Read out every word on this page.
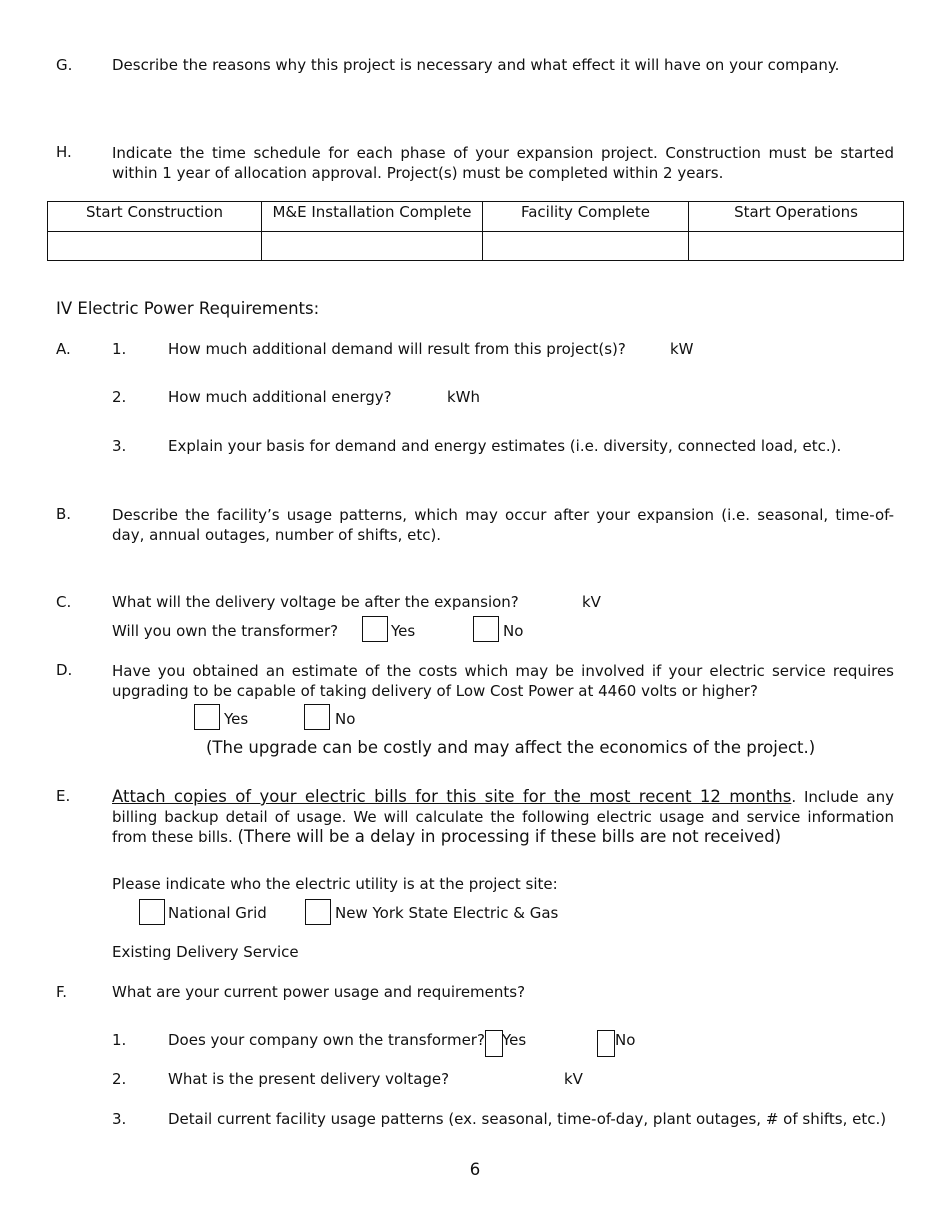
G.	Describe the reasons why this project is necessary and what effect it will have on your company.
H.	Indicate the time schedule for each phase of your expansion project. Construction must be started within 1 year of allocation approval. Project(s) must be completed within 2 years.
Start Construction	M&E Installation Complete	Facility Complete	Start Operations

IV Electric Power Requirements:
A.	1.	How much additional demand will result from this project(s)?	kW
2.	How much additional energy?	kWh
3.	Explain your basis for demand and energy estimates (i.e. diversity, connected load, etc.).
B.	Describe the facility’s usage patterns, which may occur after your expansion (i.e. seasonal, time-of-day, annual outages, number of shifts, etc).
C.	What will the delivery voltage be after the expansion?	kV
Will you own the transformer?	Yes	No
D.	Have you obtained an estimate of the costs which may be involved if your electric service requires upgrading to be capable of taking delivery of Low Cost Power at 4460 volts or higher?
Yes	No
(The upgrade can be costly and may affect the economics of the project.)
E.	Attach copies of your electric bills for this site for the most recent 12 months. Include any billing backup detail of usage. We will calculate the following electric usage and service information from these bills. (There will be a delay in processing if these bills are not received)
Please indicate who the electric utility is at the project site:
National Grid	New York State Electric & Gas
Existing Delivery Service
F.	What are your current power usage and requirements?
1.	Does your company own the transformer? Yes	No
2.	What is the present delivery voltage?	kV
3.	Detail current facility usage patterns (ex. seasonal, time-of-day, plant outages, # of shifts, etc.)
6
